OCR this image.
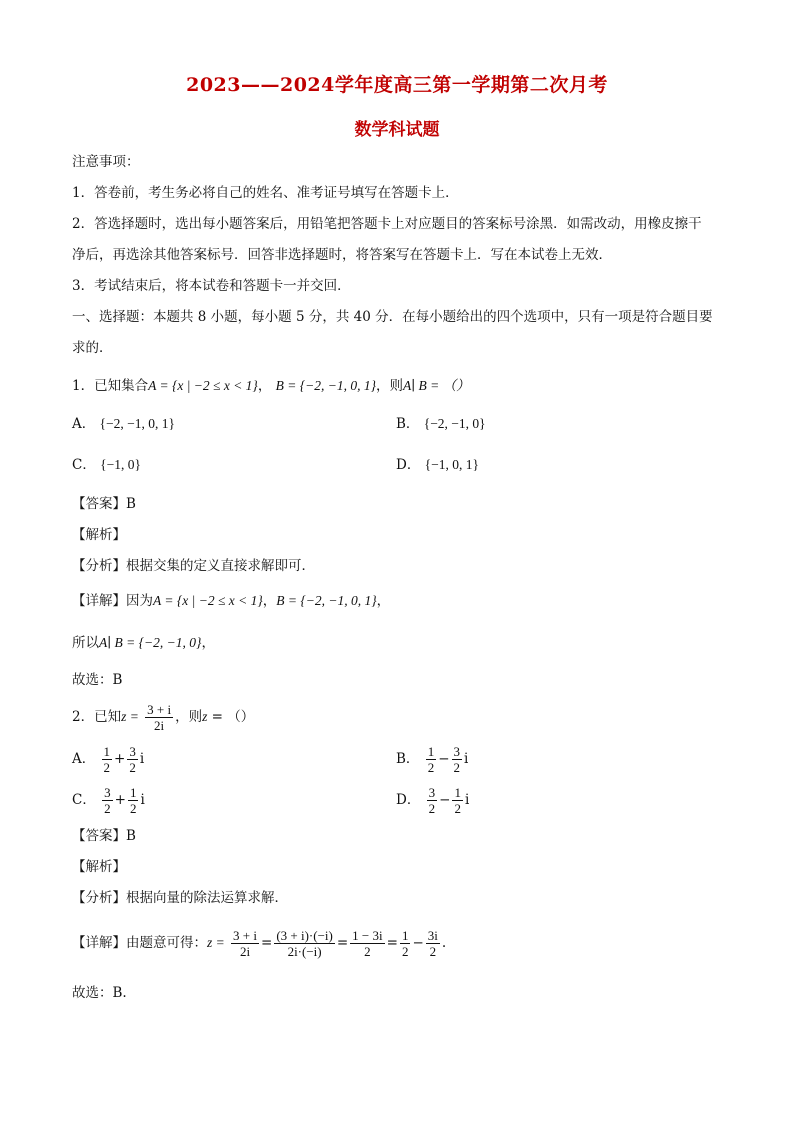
2023——2024学年度高三第一学期第二次月考
数学科试题
注意事项：
1．答卷前，考生务必将自己的姓名、准考证号填写在答题卡上．
2．答选择题时，选出每小题答案后，用铅笔把答题卡上对应题目的答案标号涂黑．如需改动，用橡皮擦干
净后，再选涂其他答案标号．回答非选择题时，将答案写在答题卡上．写在本试卷上无效．
3．考试结束后，将本试卷和答题卡一并交回．
一、选择题：本题共 8 小题，每小题 5 分，共 40 分．在每小题给出的四个选项中，只有一项是符合题目要
求的．
1．已知集合A = {x | −2 ≤ x < 1}， B = {−2, −1, 0, 1}，则A∣ B = （）
A． {−2, −1, 0, 1}	B． {−2, −1, 0}
C． {−1, 0}	D． {−1, 0, 1}
【答案】B
【解析】
【分析】根据交集的定义直接求解即可．
【详解】因为A = {x | −2 ≤ x < 1}，B = {−2, −1, 0, 1}，
所以A∣ B = {−2, −1, 0}，
故选：B
2．已知$z = \frac{3 + i}{2i}$ ，则z = （）
A． $\frac{1}{2} + \frac{3}{2}$ i	B． $\frac{1}{2} - \frac{3}{2}$ i
C． $\frac{3}{2} + \frac{1}{2}$ i	D． $\frac{3}{2} - \frac{1}{2}$ i
【答案】B
【解析】
【分析】根据向量的除法运算求解．
【详解】由题意可得：$z = \frac{3 + i}{2i} = \frac{(3 + i)\cdot(-i)}{2i\cdot(-i)} = \frac{1 - 3i}{2} = \frac{1}{2} - \frac{3i}{2}$ .
故选：B.
